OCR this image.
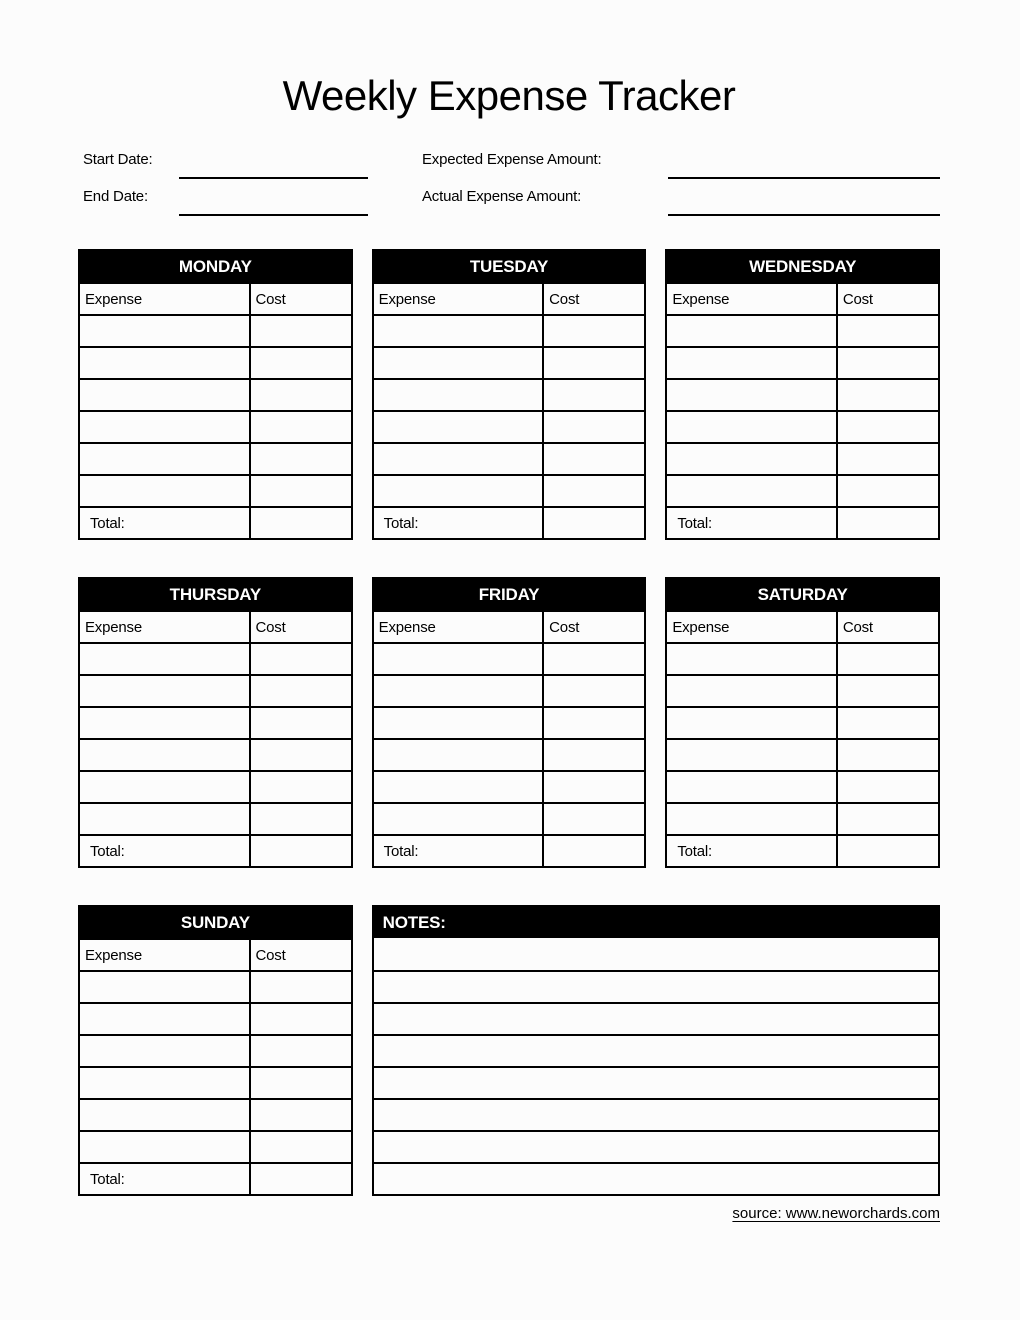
Weekly Expense Tracker
Start Date:
End Date:
Expected Expense Amount:
Actual Expense Amount:
MONDAY
Expense	Cost
Total:
TUESDAY
Expense	Cost
Total:
WEDNESDAY
Expense	Cost
Total:
THURSDAY
Expense	Cost
Total:
FRIDAY
Expense	Cost
Total:
SATURDAY
Expense	Cost
Total:
SUNDAY
Expense	Cost
Total:
NOTES:
source: www.neworchards.com
